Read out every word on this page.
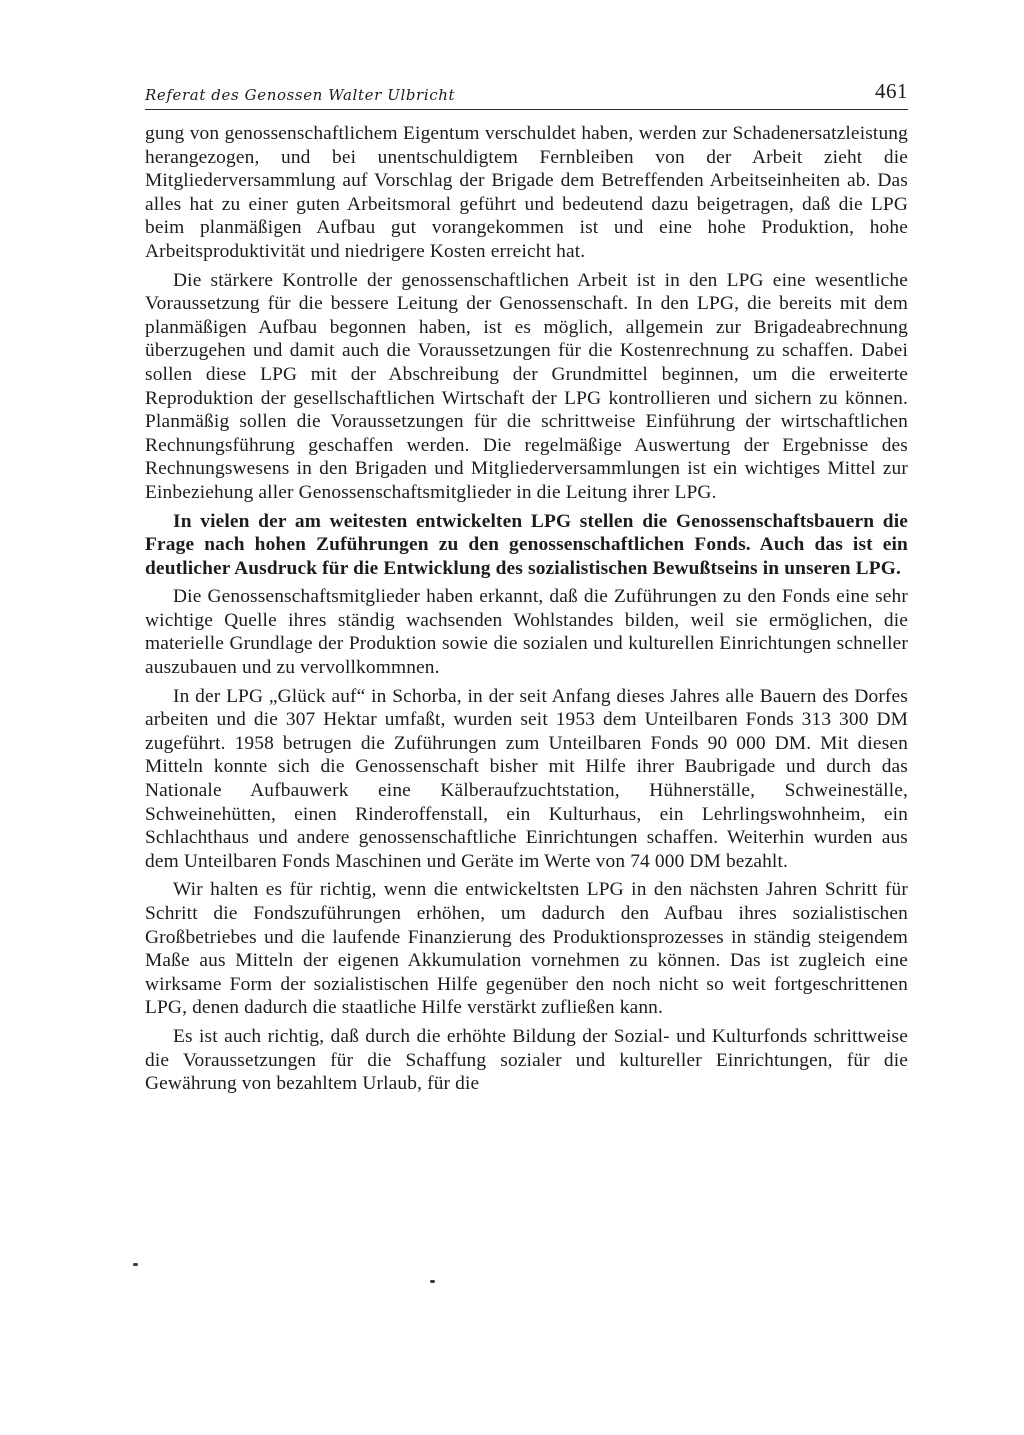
Referat des Genossen Walter Ulbricht	461

gung von genossenschaftlichem Eigentum verschuldet haben, werden zur Schadenersatzleistung herangezogen, und bei unentschuldigtem Fernbleiben von der Arbeit zieht die Mitgliederversammlung auf Vorschlag der Brigade dem Betreffenden Arbeitseinheiten ab. Das alles hat zu einer guten Arbeitsmoral geführt und bedeutend dazu beigetragen, daß die LPG beim planmäßigen Aufbau gut vorangekommen ist und eine hohe Produktion, hohe Arbeitsproduktivität und niedrigere Kosten erreicht hat.

Die stärkere Kontrolle der genossenschaftlichen Arbeit ist in den LPG eine wesentliche Voraussetzung für die bessere Leitung der Genossenschaft. In den LPG, die bereits mit dem planmäßigen Aufbau begonnen haben, ist es möglich, allgemein zur Brigadeabrechnung überzugehen und damit auch die Voraussetzungen für die Kostenrechnung zu schaffen. Dabei sollen diese LPG mit der Abschreibung der Grundmittel beginnen, um die erweiterte Reproduktion der gesellschaftlichen Wirtschaft der LPG kontrollieren und sichern zu können. Planmäßig sollen die Voraussetzungen für die schrittweise Einführung der wirtschaftlichen Rechnungsführung geschaffen werden. Die regelmäßige Auswertung der Ergebnisse des Rechnungswesens in den Brigaden und Mitgliederversammlungen ist ein wichtiges Mittel zur Einbeziehung aller Genossenschaftsmitglieder in die Leitung ihrer LPG.

In vielen der am weitesten entwickelten LPG stellen die Genossenschaftsbauern die Frage nach hohen Zuführungen zu den genossenschaftlichen Fonds. Auch das ist ein deutlicher Ausdruck für die Entwicklung des sozialistischen Bewußtseins in unseren LPG.

Die Genossenschaftsmitglieder haben erkannt, daß die Zuführungen zu den Fonds eine sehr wichtige Quelle ihres ständig wachsenden Wohlstandes bilden, weil sie ermöglichen, die materielle Grundlage der Produktion sowie die sozialen und kulturellen Einrichtungen schneller auszubauen und zu vervollkommnen.

In der LPG „Glück auf“ in Schorba, in der seit Anfang dieses Jahres alle Bauern des Dorfes arbeiten und die 307 Hektar umfaßt, wurden seit 1953 dem Unteilbaren Fonds 313 300 DM zugeführt. 1958 betrugen die Zuführungen zum Unteilbaren Fonds 90 000 DM. Mit diesen Mitteln konnte sich die Genossenschaft bisher mit Hilfe ihrer Baubrigade und durch das Nationale Aufbauwerk eine Kälberaufzuchtstation, Hühnerställe, Schweineställe, Schweinehütten, einen Rinderoffenstall, ein Kulturhaus, ein Lehrlingswohnheim, ein Schlachthaus und andere genossenschaftliche Einrichtungen schaffen. Weiterhin wurden aus dem Unteilbaren Fonds Maschinen und Geräte im Werte von 74 000 DM bezahlt.

Wir halten es für richtig, wenn die entwickeltsten LPG in den nächsten Jahren Schritt für Schritt die Fondszuführungen erhöhen, um dadurch den Aufbau ihres sozialistischen Großbetriebes und die laufende Finanzierung des Produktionsprozesses in ständig steigendem Maße aus Mitteln der eigenen Akkumulation vornehmen zu können. Das ist zugleich eine wirksame Form der sozialistischen Hilfe gegenüber den noch nicht so weit fortgeschrittenen LPG, denen dadurch die staatliche Hilfe verstärkt zufließen kann.

Es ist auch richtig, daß durch die erhöhte Bildung der Sozial- und Kulturfonds schrittweise die Voraussetzungen für die Schaffung sozialer und kultureller Einrichtungen, für die Gewährung von bezahltem Urlaub, für die
